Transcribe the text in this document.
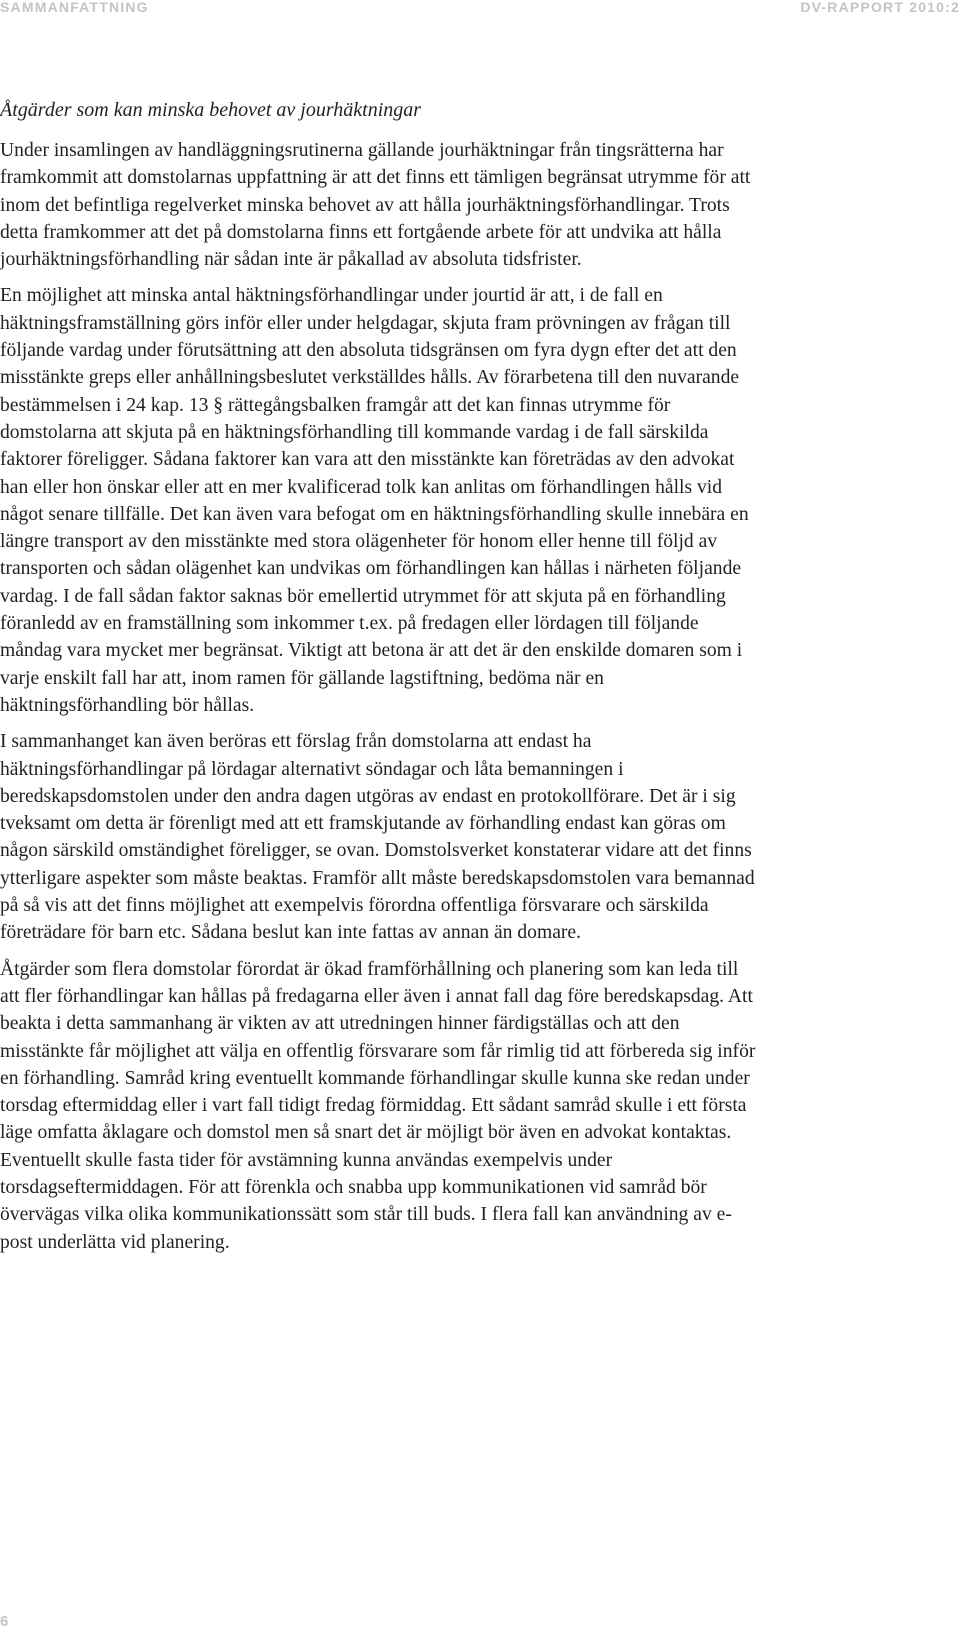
SAMMANFATTNING	DV-RAPPORT 2010:2
Åtgärder som kan minska behovet av jourhäktningar

Under insamlingen av handläggningsrutinerna gällande jourhäktningar från tingsrätterna har framkommit att domstolarnas uppfattning är att det finns ett tämligen begränsat utrymme för att inom det befintliga regelverket minska behovet av att hålla jourhäktningsförhandlingar. Trots detta framkommer att det på domstolarna finns ett fortgående arbete för att undvika att hålla jourhäktningsförhandling när sådan inte är påkallad av absoluta tidsfrister.

En möjlighet att minska antal häktningsförhandlingar under jourtid är att, i de fall en häktningsframställning görs inför eller under helgdagar, skjuta fram prövningen av frågan till följande vardag under förutsättning att den absoluta tidsgränsen om fyra dygn efter det att den misstänkte greps eller anhållningsbeslutet verkställdes hålls. Av förarbetena till den nuvarande bestämmelsen i 24 kap. 13 § rättegångsbalken framgår att det kan finnas utrymme för domstolarna att skjuta på en häktningsförhandling till kommande vardag i de fall särskilda faktorer föreligger. Sådana faktorer kan vara att den misstänkte kan företrädas av den advokat han eller hon önskar eller att en mer kvalificerad tolk kan anlitas om förhandlingen hålls vid något senare tillfälle. Det kan även vara befogat om en häktningsförhandling skulle innebära en längre transport av den misstänkte med stora olägenheter för honom eller henne till följd av transporten och sådan olägenhet kan undvikas om förhandlingen kan hållas i närheten följande vardag. I de fall sådan faktor saknas bör emellertid utrymmet för att skjuta på en förhandling föranledd av en framställning som inkommer t.ex. på fredagen eller lördagen till följande måndag vara mycket mer begränsat. Viktigt att betona är att det är den enskilde domaren som i varje enskilt fall har att, inom ramen för gällande lagstiftning, bedöma när en häktningsförhandling bör hållas.

I sammanhanget kan även beröras ett förslag från domstolarna att endast ha häktningsförhandlingar på lördagar alternativt söndagar och låta bemanningen i beredskapsdomstolen under den andra dagen utgöras av endast en protokollförare. Det är i sig tveksamt om detta är förenligt med att ett framskjutande av förhandling endast kan göras om någon särskild omständighet föreligger, se ovan. Domstolsverket konstaterar vidare att det finns ytterligare aspekter som måste beaktas. Framför allt måste beredskapsdomstolen vara bemannad på så vis att det finns möjlighet att exempelvis förordna offentliga försvarare och särskilda företrädare för barn etc. Sådana beslut kan inte fattas av annan än domare.

Åtgärder som flera domstolar förordat är ökad framförhållning och planering som kan leda till att fler förhandlingar kan hållas på fredagarna eller även i annat fall dag före beredskapsdag. Att beakta i detta sammanhang är vikten av att utredningen hinner färdigställas och att den misstänkte får möjlighet att välja en offentlig försvarare som får rimlig tid att förbereda sig inför en förhandling. Samråd kring eventuellt kommande förhandlingar skulle kunna ske redan under torsdag eftermiddag eller i vart fall tidigt fredag förmiddag. Ett sådant samråd skulle i ett första läge omfatta åklagare och domstol men så snart det är möjligt bör även en advokat kontaktas. Eventuellt skulle fasta tider för avstämning kunna användas exempelvis under torsdagseftermiddagen. För att förenkla och snabba upp kommunikationen vid samråd bör övervägas vilka olika kommunikationssätt som står till buds. I flera fall kan användning av e-post underlätta vid planering.

6
